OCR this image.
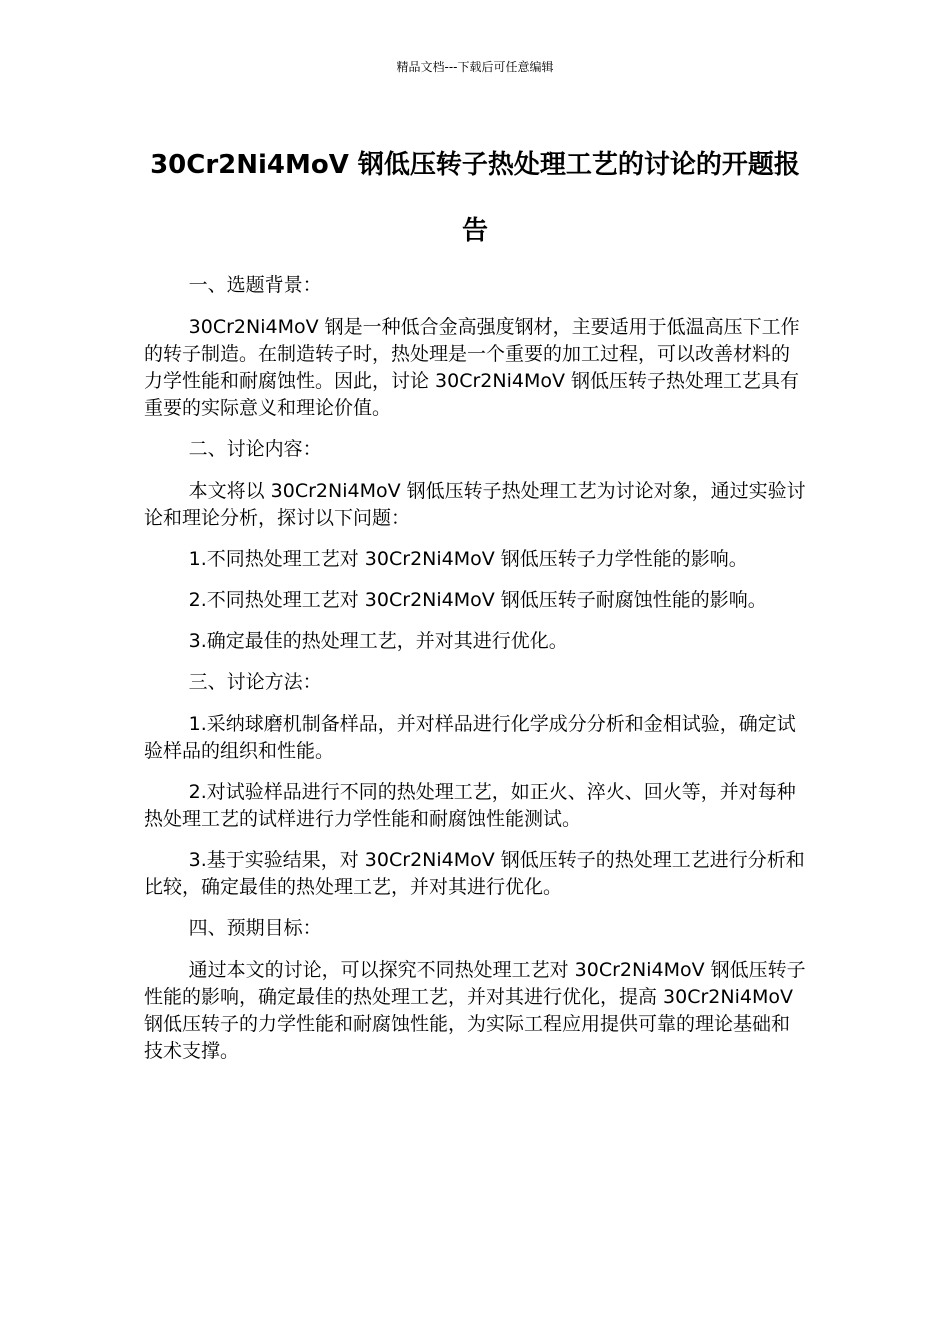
精品文档---下载后可任意编辑
30Cr2Ni4MoV 钢低压转子热处理工艺的讨论的开题报告

一、选题背景：

30Cr2Ni4MoV 钢是一种低合金高强度钢材，主要适用于低温高压下工作的转子制造。在制造转子时，热处理是一个重要的加工过程，可以改善材料的力学性能和耐腐蚀性。因此，讨论 30Cr2Ni4MoV 钢低压转子热处理工艺具有重要的实际意义和理论价值。

二、讨论内容：

本文将以 30Cr2Ni4MoV 钢低压转子热处理工艺为讨论对象，通过实验讨论和理论分析，探讨以下问题：

1.不同热处理工艺对 30Cr2Ni4MoV 钢低压转子力学性能的影响。

2.不同热处理工艺对 30Cr2Ni4MoV 钢低压转子耐腐蚀性能的影响。

3.确定最佳的热处理工艺，并对其进行优化。

三、讨论方法：

1.采纳球磨机制备样品，并对样品进行化学成分分析和金相试验，确定试验样品的组织和性能。

2.对试验样品进行不同的热处理工艺，如正火、淬火、回火等，并对每种热处理工艺的试样进行力学性能和耐腐蚀性能测试。

3.基于实验结果，对 30Cr2Ni4MoV 钢低压转子的热处理工艺进行分析和比较，确定最佳的热处理工艺，并对其进行优化。

四、预期目标：

通过本文的讨论，可以探究不同热处理工艺对 30Cr2Ni4MoV 钢低压转子性能的影响，确定最佳的热处理工艺，并对其进行优化，提高 30Cr2Ni4MoV 钢低压转子的力学性能和耐腐蚀性能，为实际工程应用提供可靠的理论基础和技术支撑。
